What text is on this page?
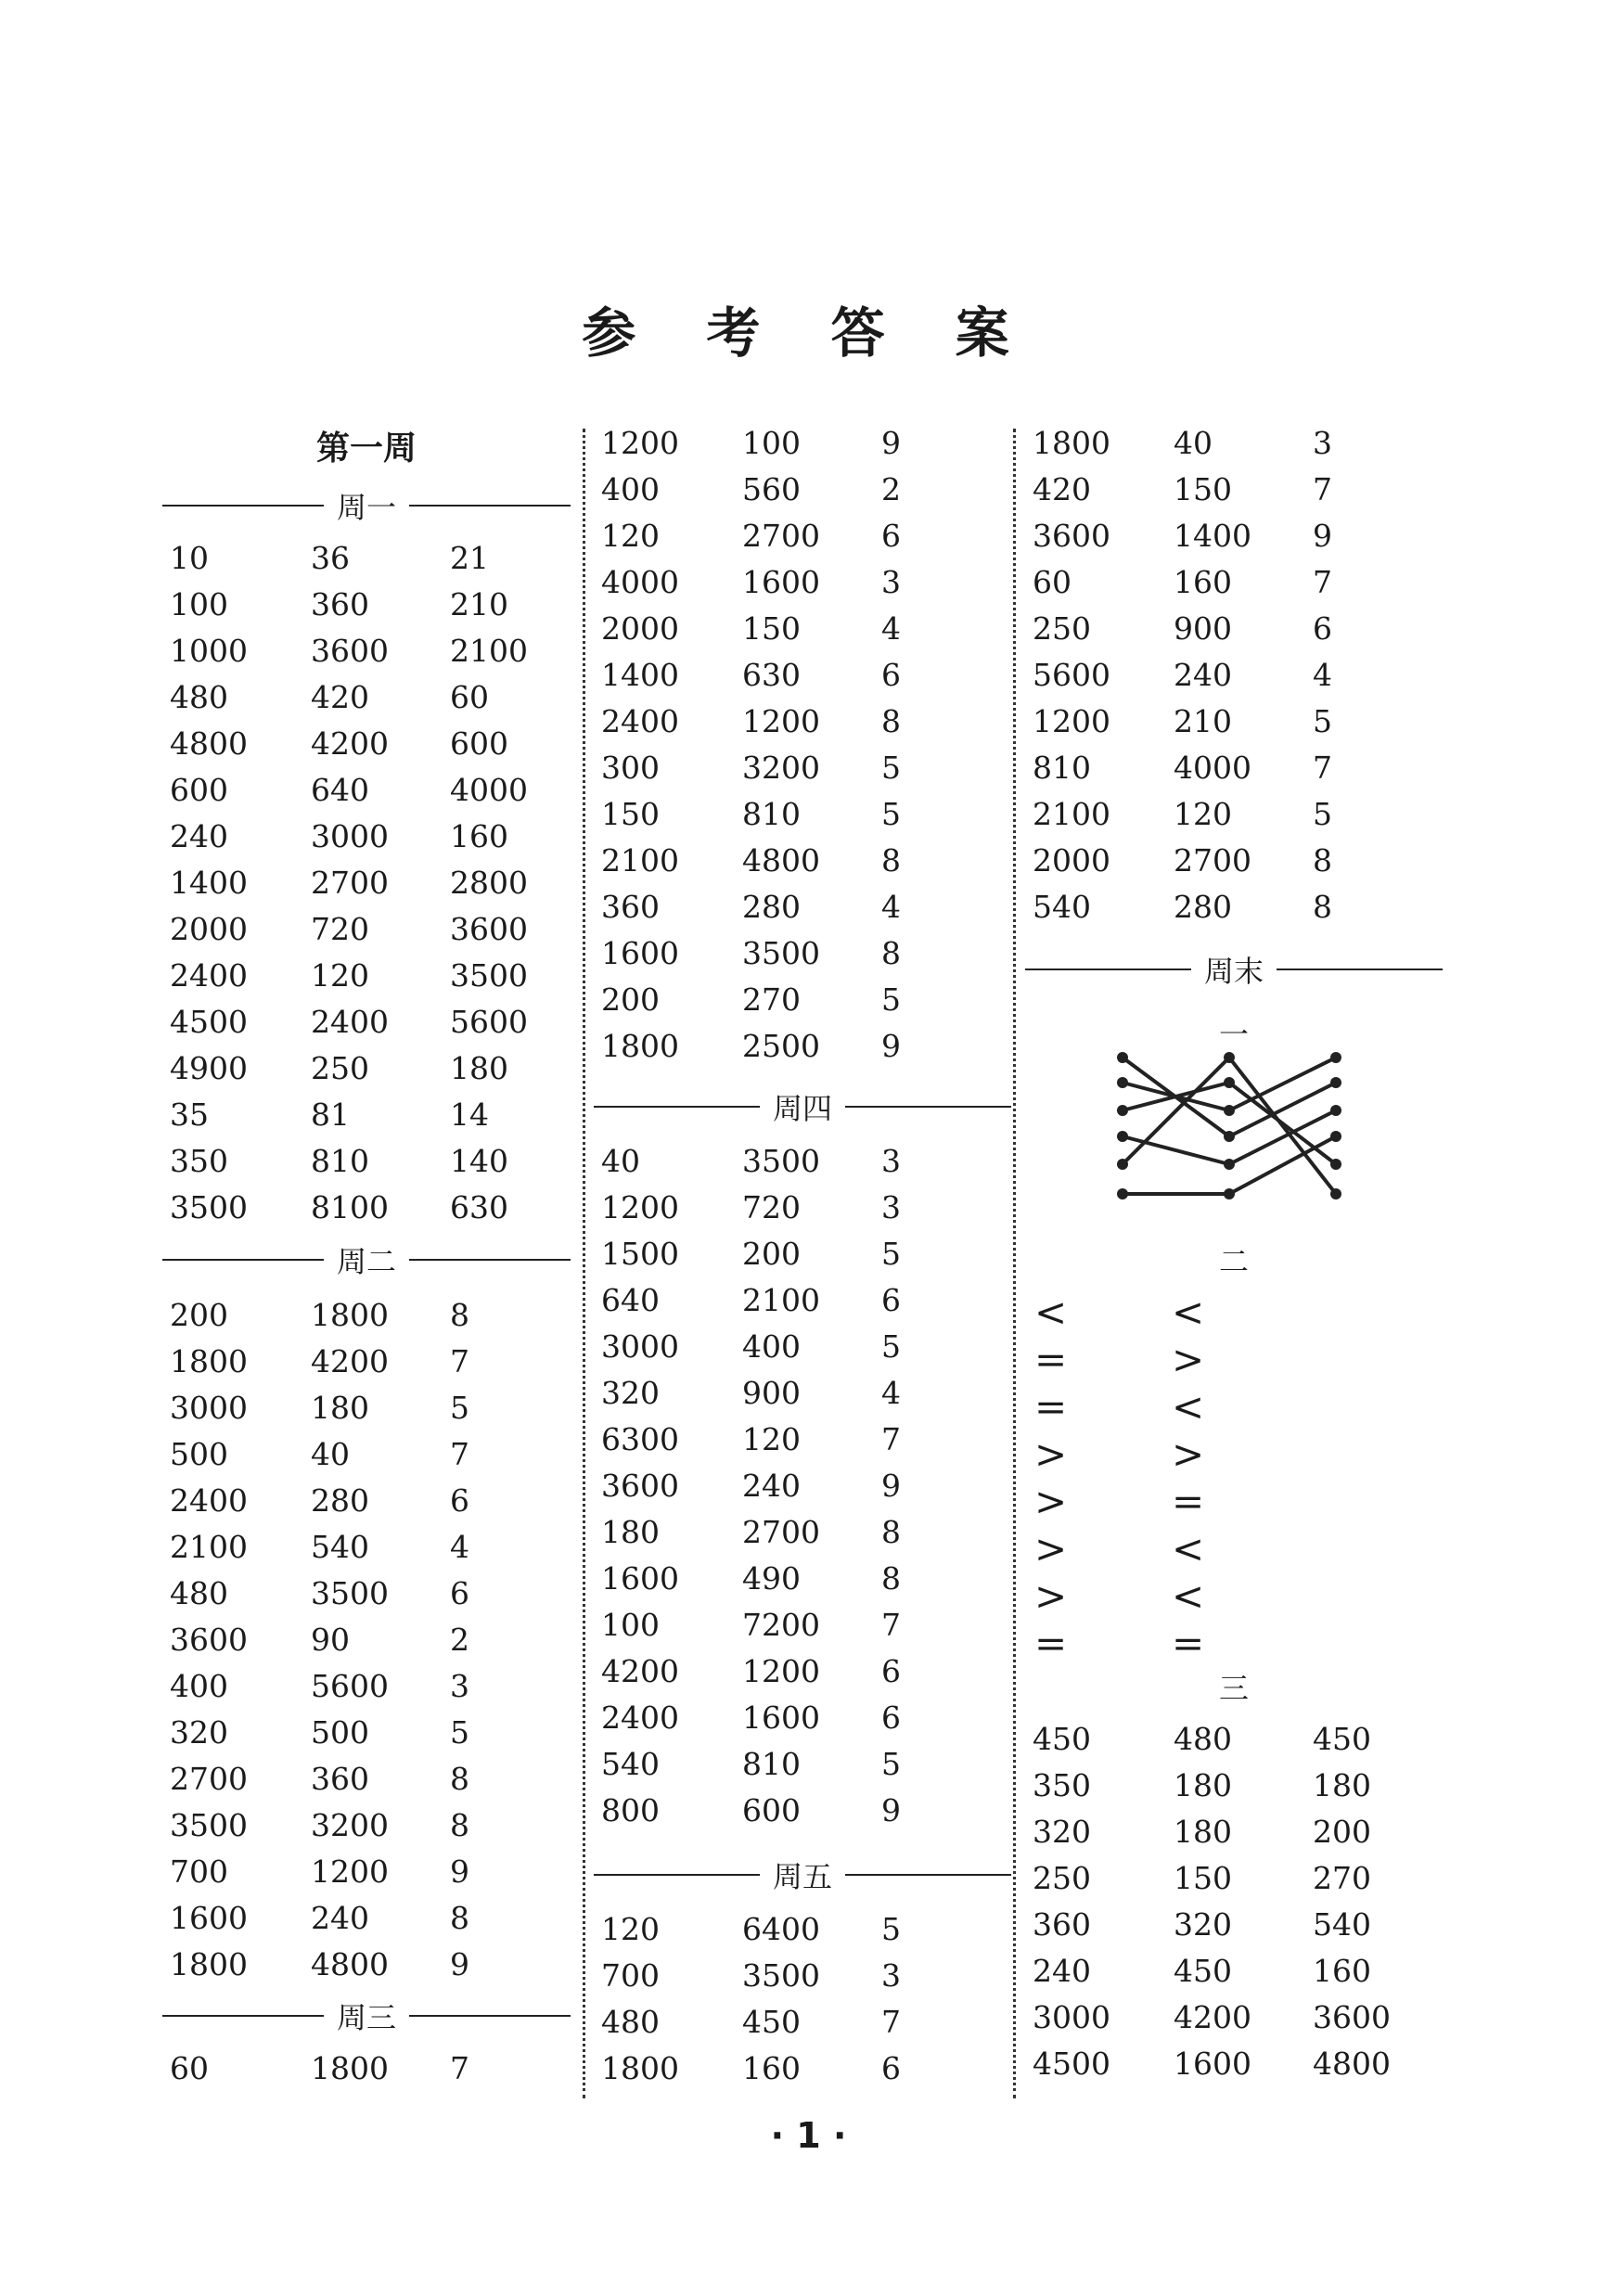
参 考 答 案
第一周
周一
10	36	21
100	360	210
1000 3600 2100
480	420	60
4800 4200 600
600	640	4000
240	3000 160
1400 2700 2800
2000 720	3600
2400 120	3500
4500 2400 5600
4900 250	180
35	81	14
350	810	140
3500 8100 630
周二
200	1800 8
1800 4200 7
3000 180	5
500	40	7
2400 280	6
2100 540	4
480	3500 6
3600 90	2
400	5600 3
320	500	5
2700 360	8
3500 3200 8
700	1200 9
1600 240	8
1800 4800 9
周三
60	1800 7
1200 100	9
400	560	2
120	2700 6
4000 1600 3
2000 150	4
1400 630	6
2400 1200 8
300	3200 5
150	810	5
2100 4800 8
360	280	4
1600 3500 8
200	270	5
1800 2500 9
周四
40	3500 3
1200 720	3
1500 200	5
640	2100 6
3000 400	5
320	900	4
6300 120	7
3600 240	9
180	2700 8
1600 490	8
100	7200 7
4200 1200 6
2400 1600 6
540	810	5
800	600	9
周五
120	6400 5
700	3500 3
480	450	7
1800 160	6
1800 40	3
420	150	7
3600 1400 9
60	160	7
250	900	6
5600 240	4
1200 210	5
810	4000 7
2100 120	5
2000 2700 8
540	280	8
周末
一
二
<	<
=	>
=	<
>	>
>	=
>	<
>	<
=	=
三
450	480	450
350	180	180
320	180	200
250	150	270
360	320	540
240	450	160
3000 4200 3600
4500 1600 4800
· 1 ·
